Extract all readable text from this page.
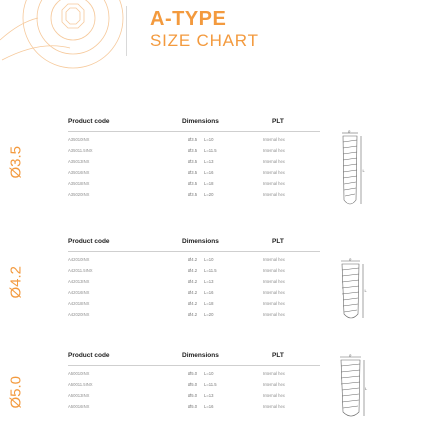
A-TYPE
SIZE CHART
Ø3.5
Product code	Dimensions	PLT
A35010INX	Ø3.5 L=10	Internal hex
A35011.5INX	Ø3.5 L=11.5	Internal hex
A35013INX	Ø3.5 L=13	Internal hex
A35016INX	Ø3.5 L=16	Internal hex
A35018INX	Ø3.5 L=18	Internal hex
A35020INX	Ø3.5 L=20	Internal hex
L
Ø
Ø4.2
Product code	Dimensions	PLT
A42010INX	Ø4.2 L=10	Internal hex
A42011.5INX	Ø4.2 L=11.5	Internal hex
A42013INX	Ø4.2 L=13	Internal hex
A42016INX	Ø4.2 L=16	Internal hex
A42018INX	Ø4.2 L=18	Internal hex
A42020INX	Ø4.2 L=20	Internal hex
L
Ø
Ø5.0
Product code	Dimensions	PLT
A50010INX	Ø5.0 L=10	Internal hex
A50011.5INX	Ø5.0 L=11.5	Internal hex
A50013INX	Ø5.0 L=13	Internal hex
A50016INX	Ø5.0 L=16	Internal hex
L
Ø
